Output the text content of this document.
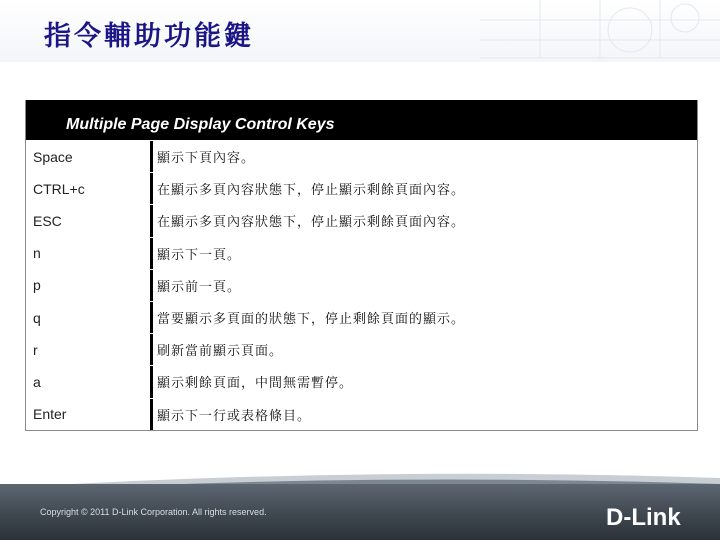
指令輔助功能鍵
Multiple Page Display Control Keys
Space	顯示下頁內容。
CTRL+c	在顯示多頁內容狀態下，停止顯示剩餘頁面內容。
ESC	在顯示多頁內容狀態下，停止顯示剩餘頁面內容。
n	顯示下一頁。
p	顯示前一頁。
q	當要顯示多頁面的狀態下，停止剩餘頁面的顯示。
r	刷新當前顯示頁面。
a	顯示剩餘頁面，中間無需暫停。
Enter	顯示下一行或表格條目。
Copyright © 2011 D-Link Corporation. All rights reserved.	D-Link
